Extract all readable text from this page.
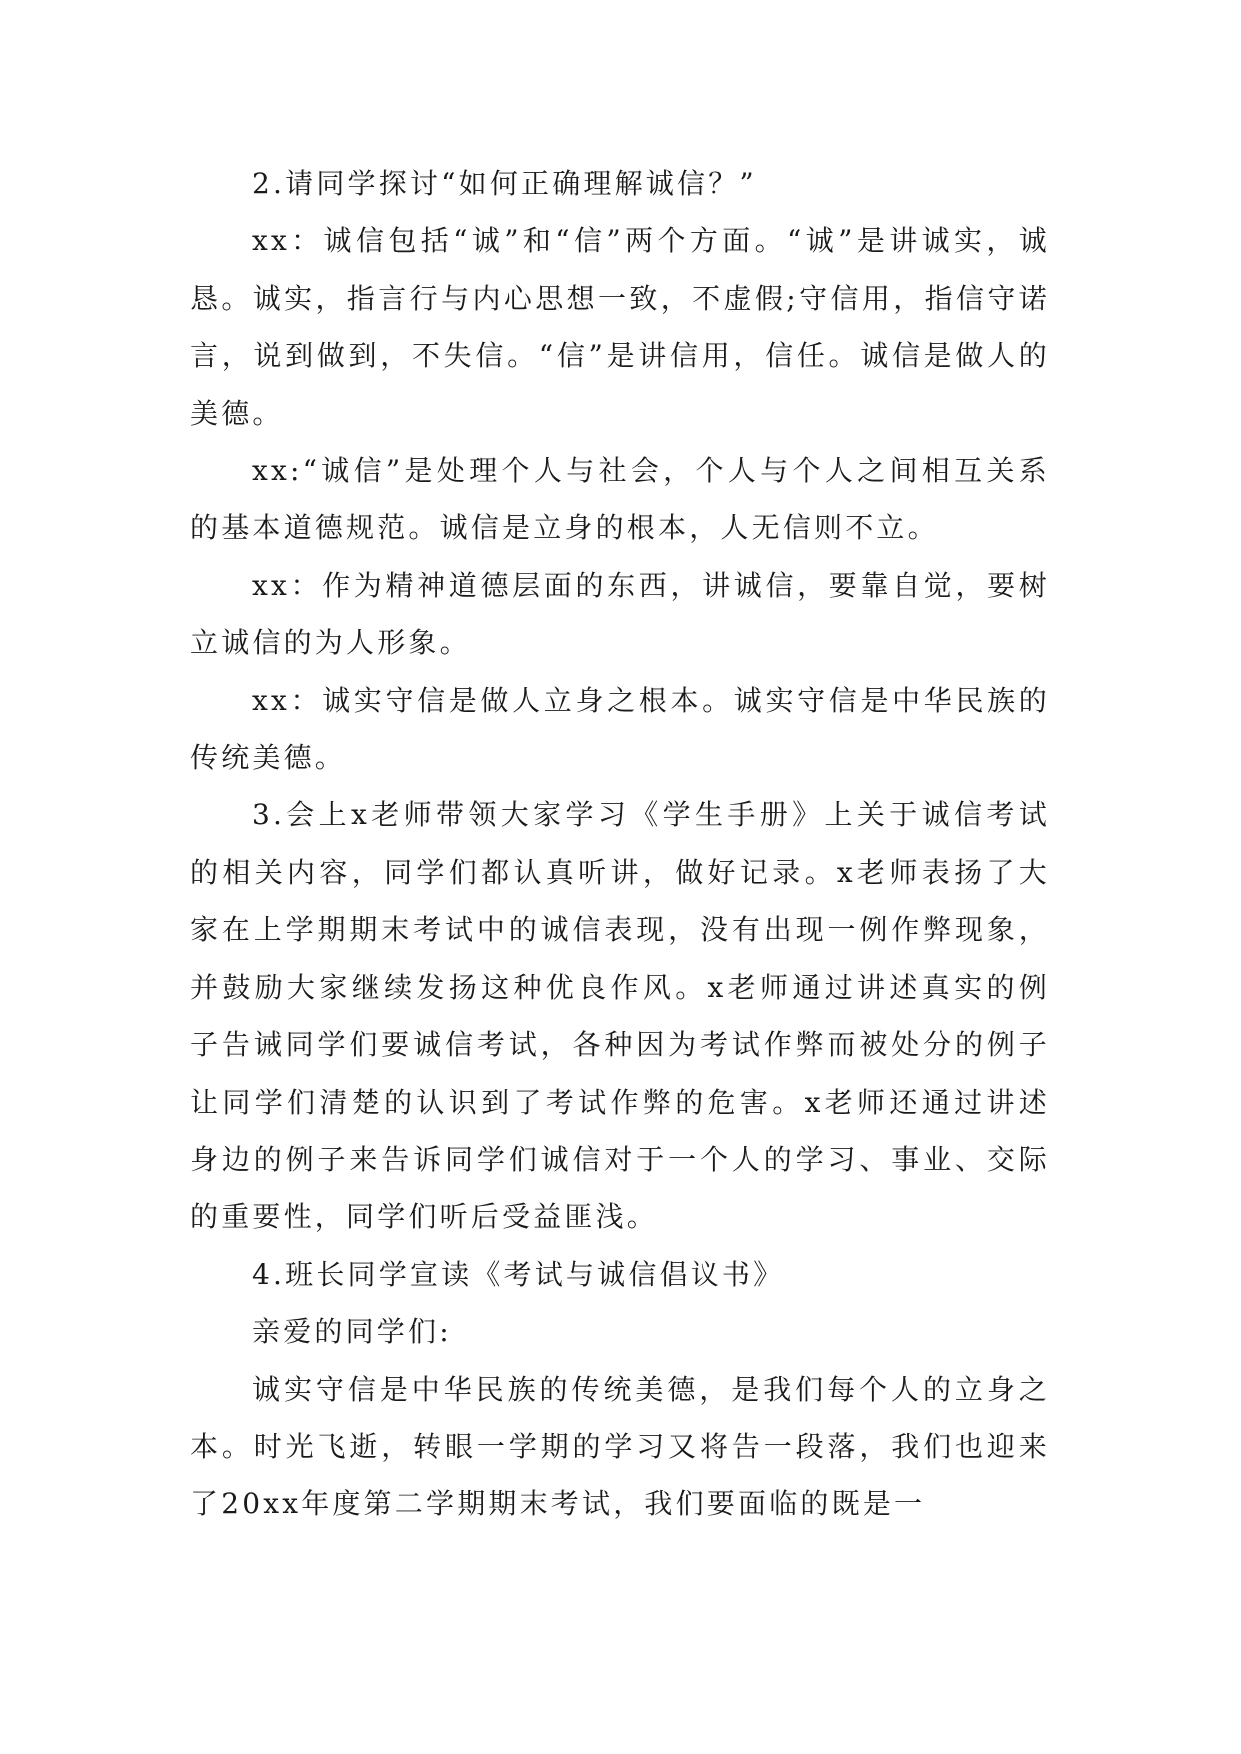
2.请同学探讨“如何正确理解诚信？”

xx：诚信包括“诚”和“信”两个方面。“诚”是讲诚实，诚恳。诚实，指言行与内心思想一致，不虚假;守信用，指信守诺言，说到做到，不失信。“信”是讲信用，信任。诚信是做人的美德。

xx:“诚信”是处理个人与社会，个人与个人之间相互关系的基本道德规范。诚信是立身的根本，人无信则不立。

xx：作为精神道德层面的东西，讲诚信，要靠自觉，要树立诚信的为人形象。

xx：诚实守信是做人立身之根本。诚实守信是中华民族的传统美德。

3.会上x老师带领大家学习《学生手册》上关于诚信考试的相关内容，同学们都认真听讲，做好记录。x老师表扬了大家在上学期期末考试中的诚信表现，没有出现一例作弊现象，并鼓励大家继续发扬这种优良作风。x老师通过讲述真实的例子告诫同学们要诚信考试，各种因为考试作弊而被处分的例子让同学们清楚的认识到了考试作弊的危害。x老师还通过讲述身边的例子来告诉同学们诚信对于一个人的学习、事业、交际的重要性，同学们听后受益匪浅。

4.班长同学宣读《考试与诚信倡议书》

亲爱的同学们:

诚实守信是中华民族的传统美德，是我们每个人的立身之本。时光飞逝，转眼一学期的学习又将告一段落，我们也迎来了20xx年度第二学期期末考试，我们要面临的既是一
